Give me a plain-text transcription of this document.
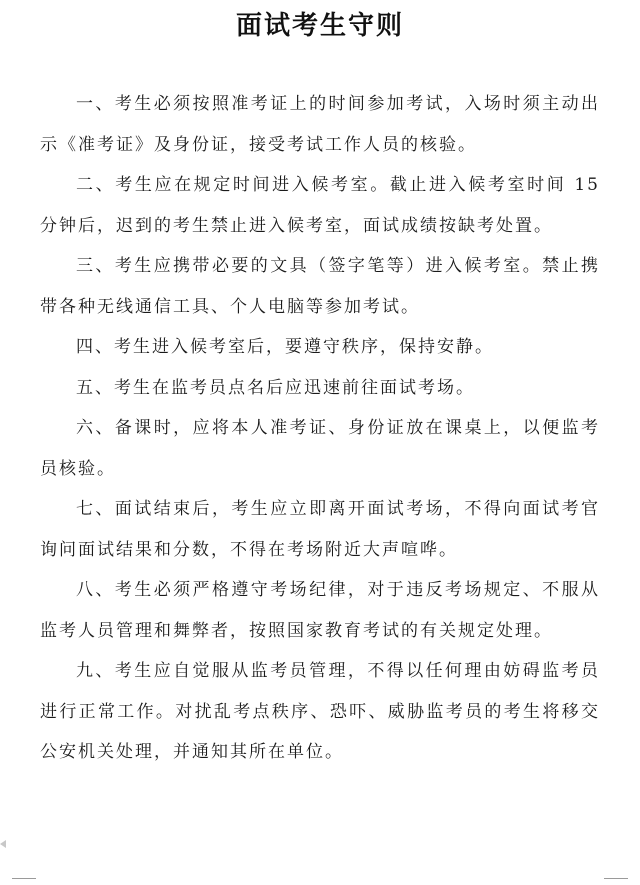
面试考生守则

一、考生必须按照准考证上的时间参加考试，入场时须主动出示《准考证》及身份证，接受考试工作人员的核验。

二、考生应在规定时间进入候考室。截止进入候考室时间 15 分钟后，迟到的考生禁止进入候考室，面试成绩按缺考处置。

三、考生应携带必要的文具（签字笔等）进入候考室。禁止携带各种无线通信工具、个人电脑等参加考试。

四、考生进入候考室后，要遵守秩序，保持安静。

五、考生在监考员点名后应迅速前往面试考场。

六、备课时，应将本人准考证、身份证放在课桌上，以便监考员核验。

七、面试结束后，考生应立即离开面试考场，不得向面试考官询问面试结果和分数，不得在考场附近大声喧哗。

八、考生必须严格遵守考场纪律，对于违反考场规定、不服从监考人员管理和舞弊者，按照国家教育考试的有关规定处理。

九、考生应自觉服从监考员管理，不得以任何理由妨碍监考员进行正常工作。对扰乱考点秩序、恐吓、威胁监考员的考生将移交公安机关处理，并通知其所在单位。
